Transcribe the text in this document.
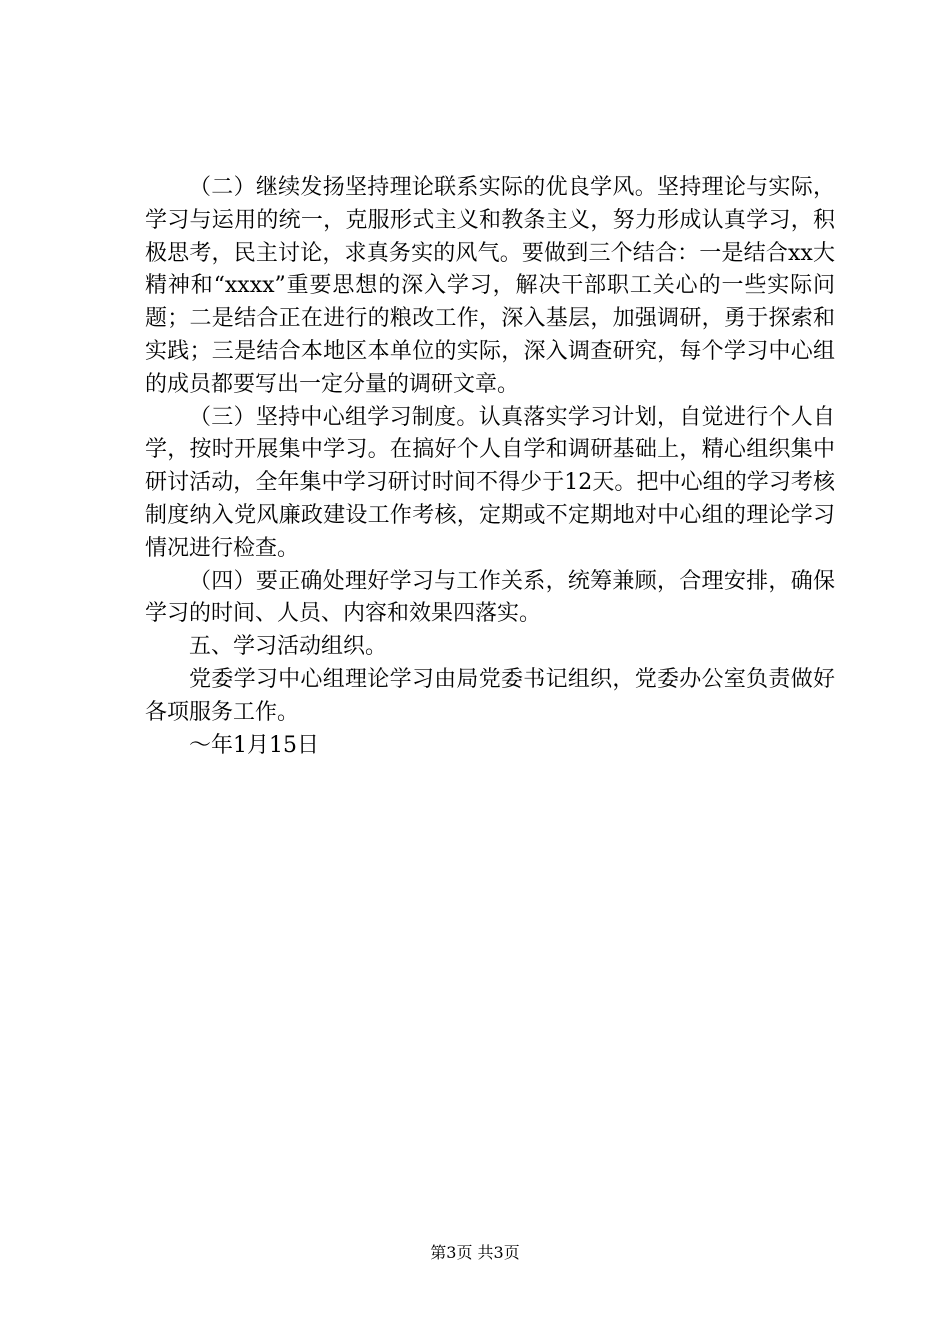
（二）继续发扬坚持理论联系实际的优良学风。坚持理论与实际，学习与运用的统一，克服形式主义和教条主义，努力形成认真学习，积极思考，民主讨论，求真务实的风气。要做到三个结合：一是结合xx大精神和“xxxx”重要思想的深入学习，解决干部职工关心的一些实际问题；二是结合正在进行的粮改工作，深入基层，加强调研，勇于探索和实践；三是结合本地区本单位的实际，深入调查研究，每个学习中心组的成员都要写出一定分量的调研文章。

（三）坚持中心组学习制度。认真落实学习计划，自觉进行个人自学，按时开展集中学习。在搞好个人自学和调研基础上，精心组织集中研讨活动，全年集中学习研讨时间不得少于12天。把中心组的学习考核制度纳入党风廉政建设工作考核，定期或不定期地对中心组的理论学习情况进行检查。

（四）要正确处理好学习与工作关系，统筹兼顾，合理安排，确保学习的时间、人员、内容和效果四落实。

五、学习活动组织。

党委学习中心组理论学习由局党委书记组织，党委办公室负责做好各项服务工作。

～年1月15日

第3页 共3页
